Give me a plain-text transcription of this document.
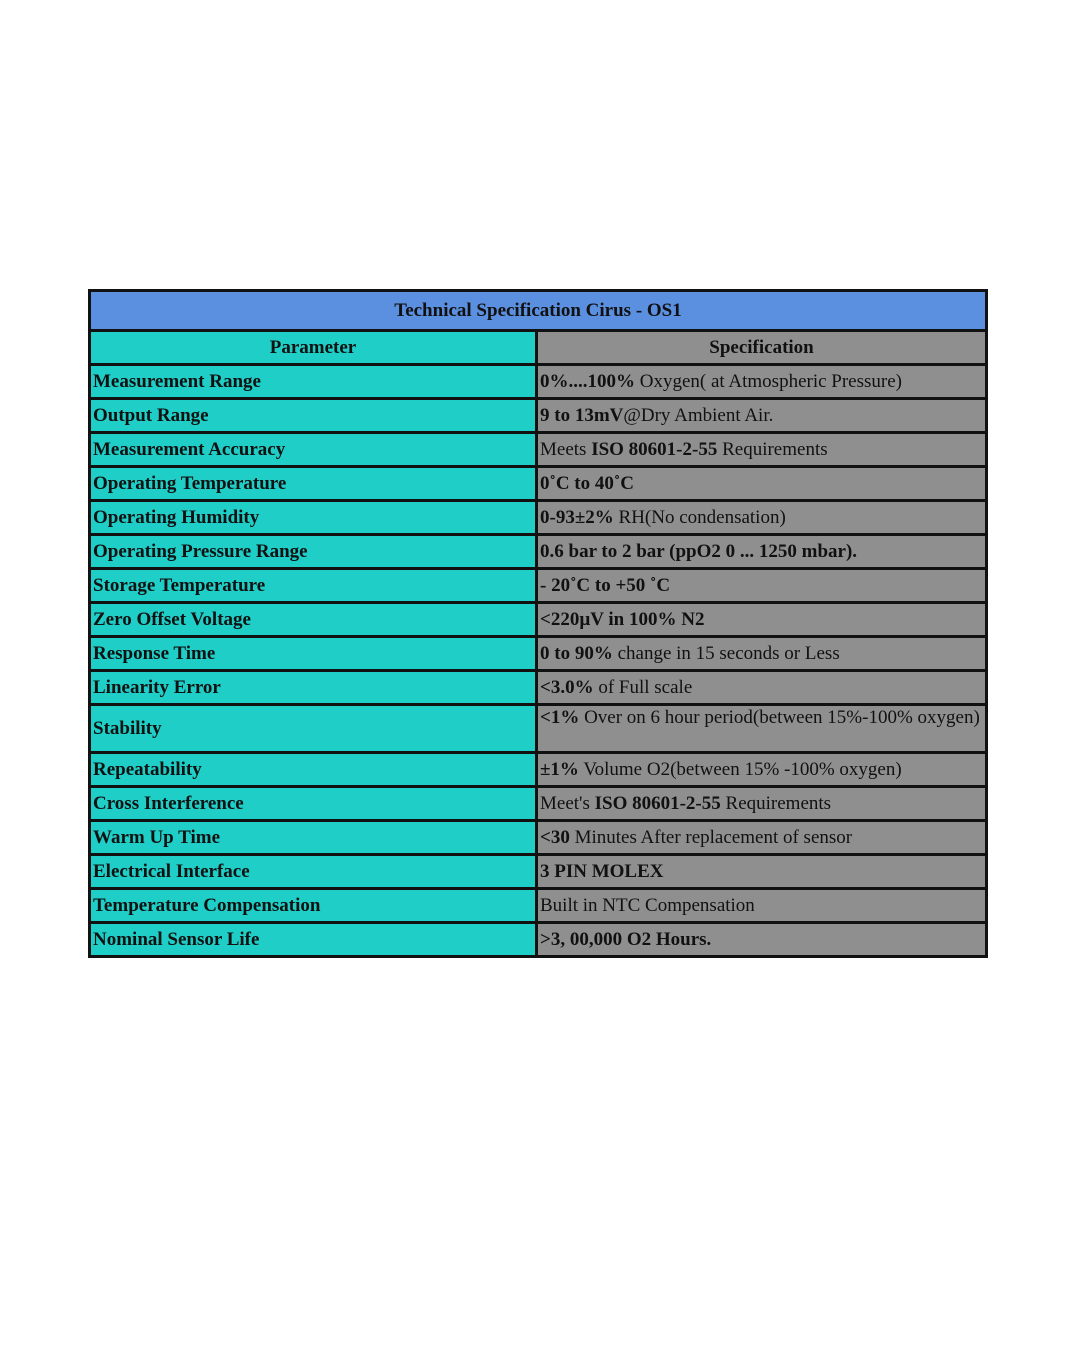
Technical Specification Cirus - OS1	
Parameter	Specification
Measurement Range	0%....100% Oxygen( at Atmospheric Pressure)
Output Range	9 to 13mV@Dry Ambient Air.
Measurement Accuracy	Meets ISO 80601-2-55 Requirements
Operating Temperature	0˚C to 40˚C
Operating Humidity	0-93±2% RH(No condensation)
Operating Pressure Range	0.6 bar to 2 bar (ppO2 0 ... 1250 mbar).
Storage Temperature	- 20˚C to +50 ˚C
Zero Offset Voltage	<220µV in 100% N2
Response Time	0 to 90% change in 15 seconds or Less
Linearity Error	<3.0% of Full scale
Stability	<1% Over on 6 hour period(between 15%-100% oxygen)
Repeatability	±1% Volume O2(between 15% -100% oxygen)
Cross Interference	Meet's ISO 80601-2-55 Requirements
Warm Up Time	<30 Minutes After replacement of sensor
Electrical Interface	3 PIN MOLEX
Temperature Compensation	Built in NTC Compensation
Nominal Sensor Life	>3, 00,000 O2 Hours.
